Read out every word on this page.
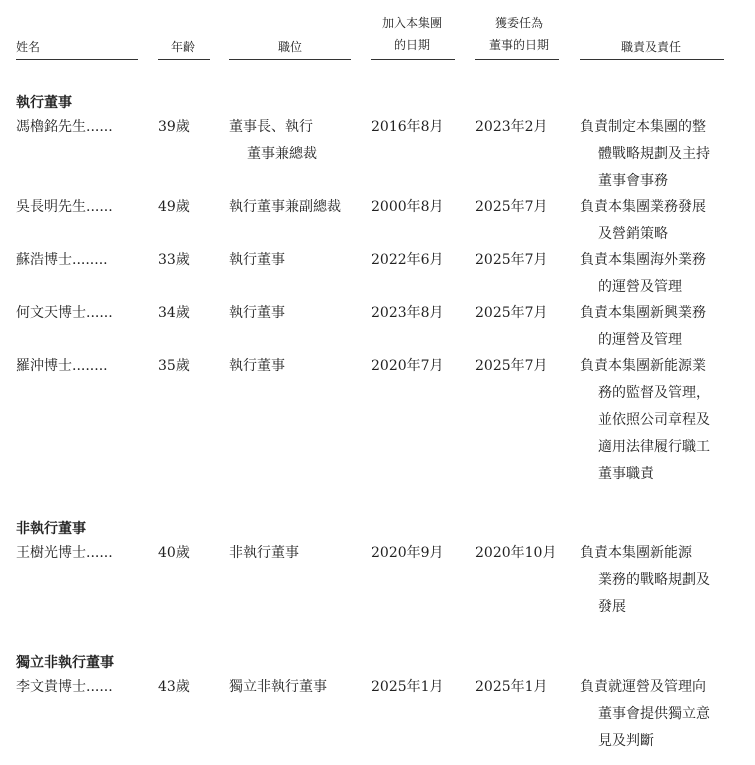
姓名	年齡	職位
加入本集團
的日期
獲委任為
董事的日期	職責及責任
執行董事
馮櫓銘先生......	39歲	董事長、執行
董事兼總裁
2016年8月 2023年2月 負責制定本集團的整
體戰略規劃及主持
董事會事務
吳長明先生......	49歲	執行董事兼副總裁 2000年8月 2025年7月 負責本集團業務發展
及營銷策略
蘇浩博士........	33歲	執行董事	2022年6月 2025年7月 負責本集團海外業務
的運營及管理
何文天博士......	34歲	執行董事	2023年8月 2025年7月 負責本集團新興業務
的運營及管理
羅沖博士........	35歲	執行董事	2020年7月 2025年7月 負責本集團新能源業
務的監督及管理，
並依照公司章程及
適用法律履行職工
董事職責
非執行董事
王樹光博士......	40歲	非執行董事	2020年9月 2020年10月 負責本集團新能源
業務的戰略規劃及
發展
獨立非執行董事
李文貴博士......	43歲	獨立非執行董事	2025年1月 2025年1月 負責就運營及管理向
董事會提供獨立意
見及判斷
